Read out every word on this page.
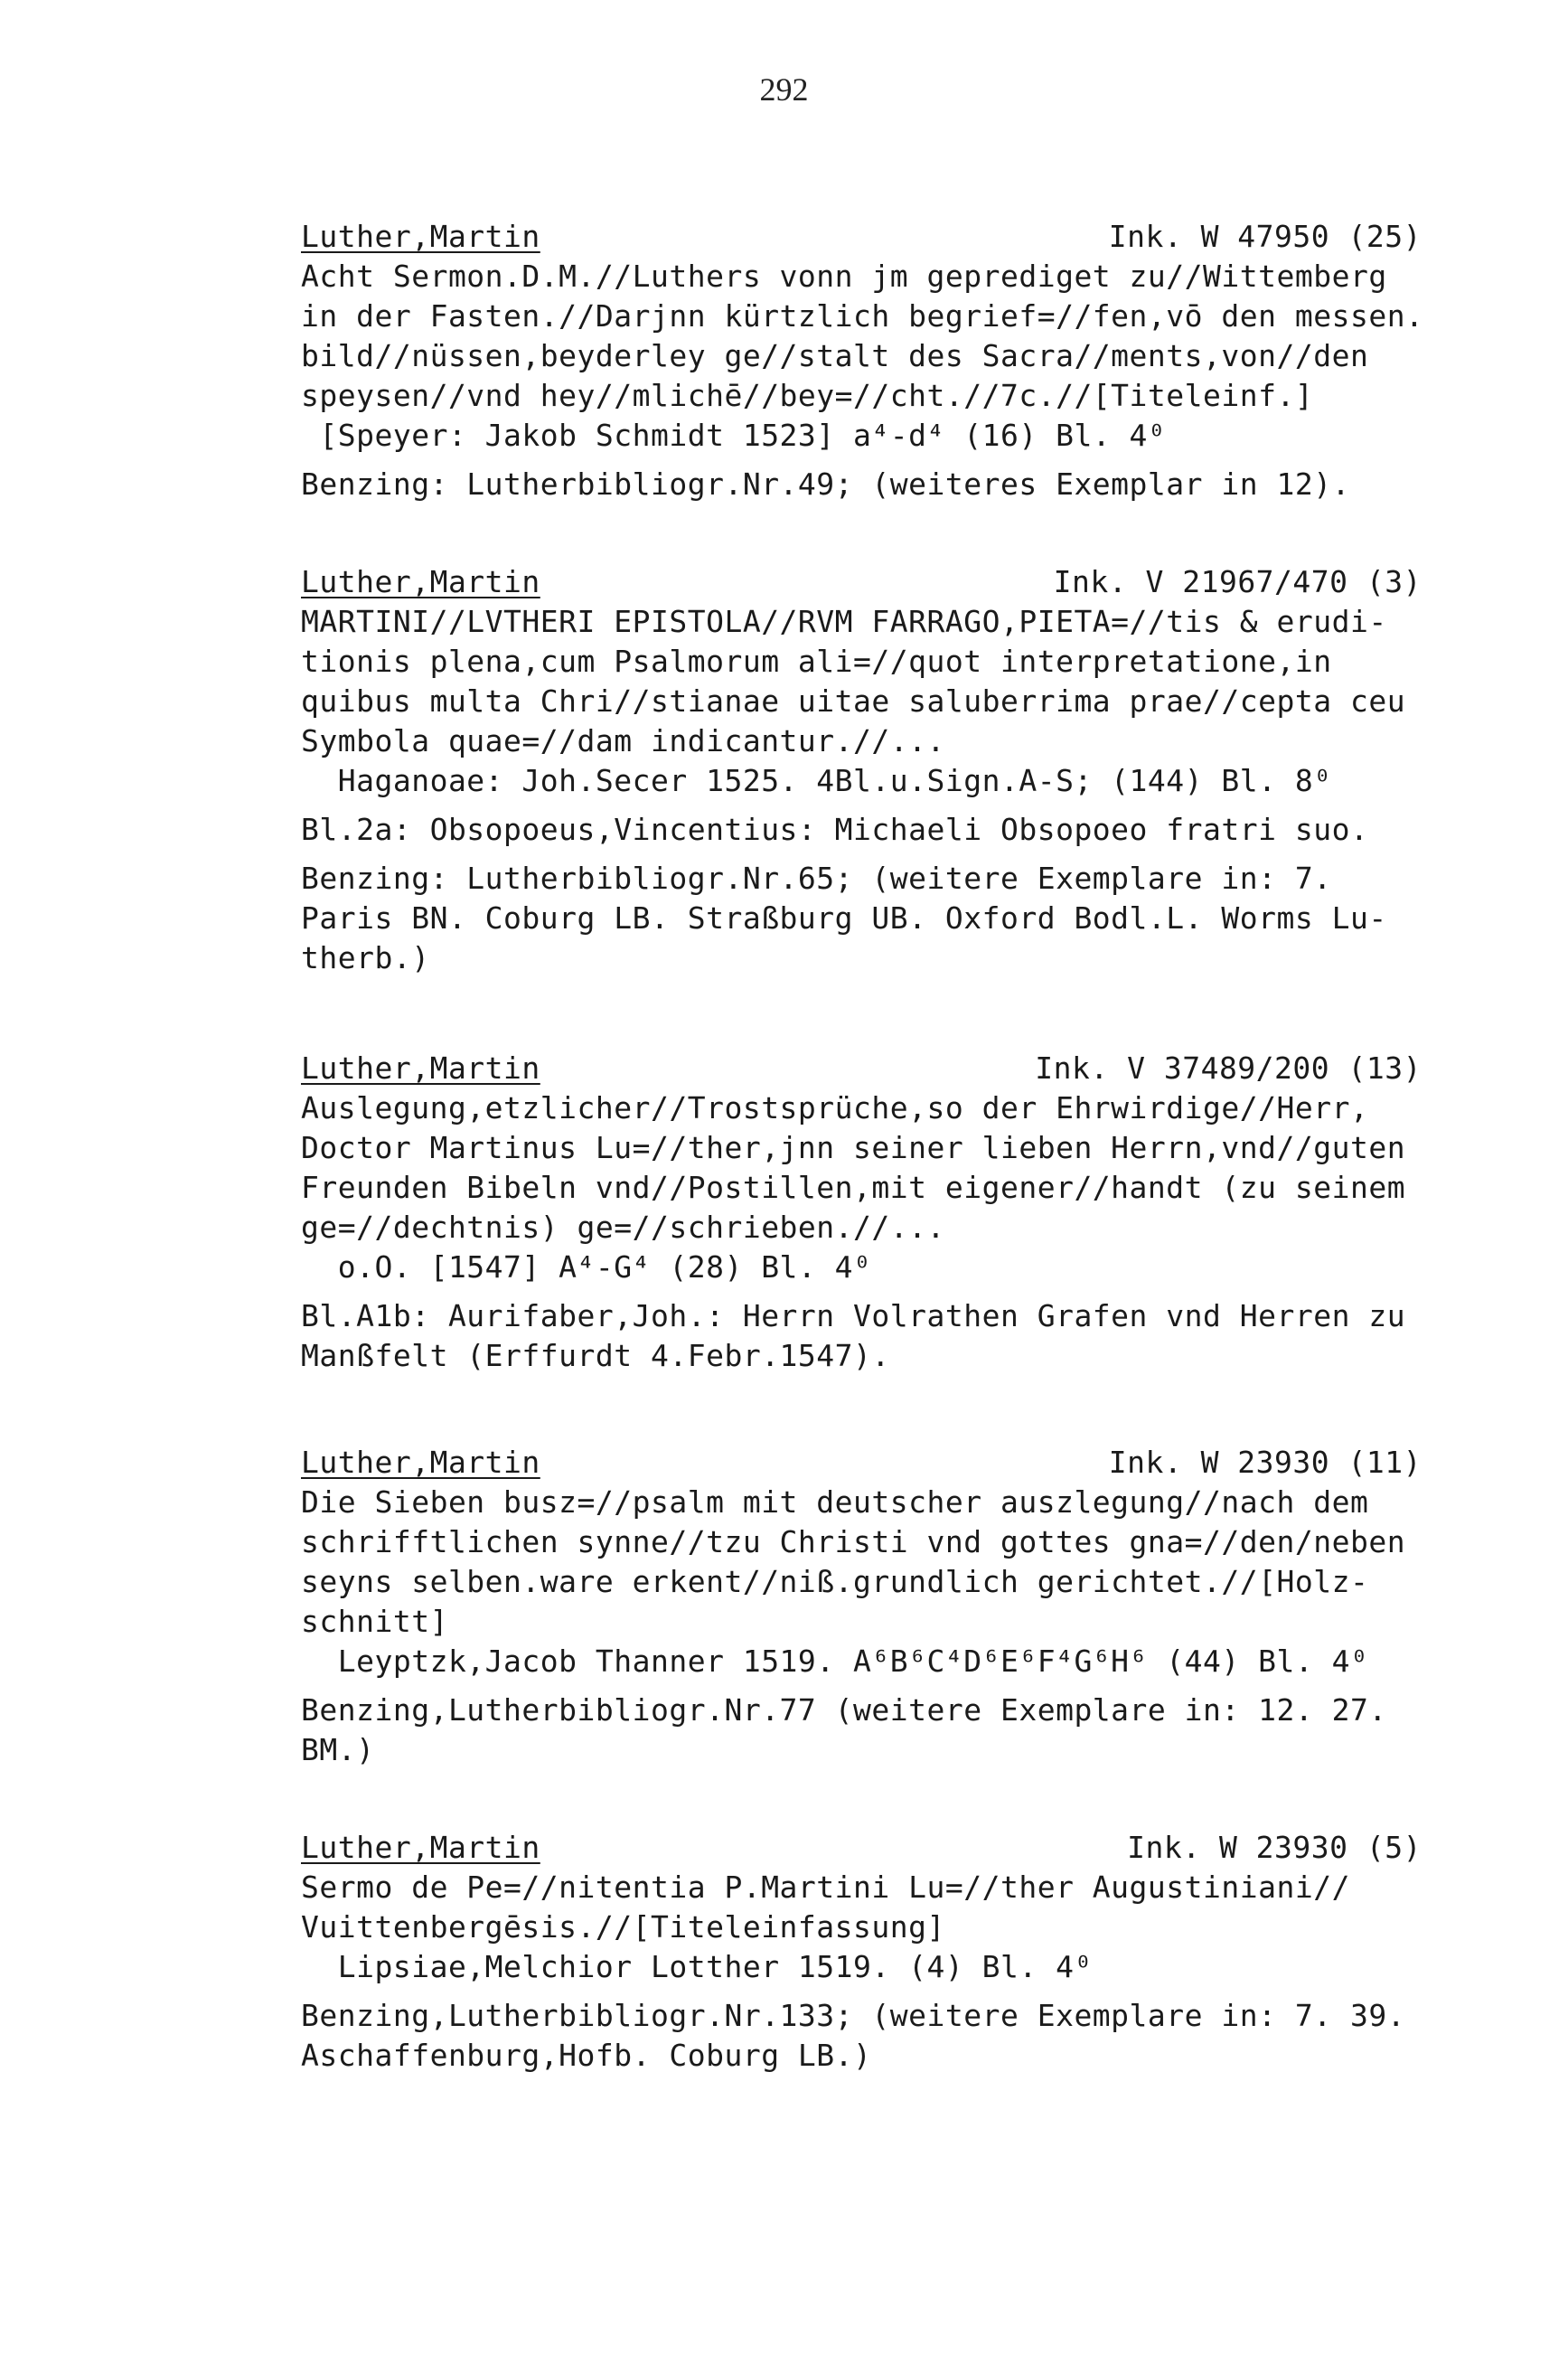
292
Luther,Martin	Ink. W 47950 (25)
Acht Sermon.D.M.//Luthers vonn jm geprediget zu//Wittemberg
in der Fasten.//Darjnn kürtzlich begrief=//fen,vō den messen.
bild//nüssen,beyderley ge//stalt des Sacra//ments,von//den
speysen//vnd hey//mlichē//bey=//cht.//7c.//[Titeleinf.]
[Speyer: Jakob Schmidt 1523] a⁴-d⁴ (16) Bl. 4⁰
Benzing: Lutherbibliogr.Nr.49; (weiteres Exemplar in 12).
Luther,Martin	Ink. V 21967/470 (3)
MARTINI//LVTHERI EPISTOLA//RVM FARRAGO,PIETA=//tis & erudi-
tionis plena,cum Psalmorum ali=//quot interpretatione,in
quibus multa Chri//stianae uitae saluberrima prae//cepta ceu
Symbola quae=//dam indicantur.//...
Haganoae: Joh.Secer 1525. 4Bl.u.Sign.A-S; (144) Bl. 8⁰
Bl.2a: Obsopoeus,Vincentius: Michaeli Obsopoeo fratri suo.
Benzing: Lutherbibliogr.Nr.65; (weitere Exemplare in: 7.
Paris BN. Coburg LB. Straßburg UB. Oxford Bodl.L. Worms Lu-
therb.)
Luther,Martin	Ink. V 37489/200 (13)
Auslegung,etzlicher//Trostsprüche,so der Ehrwirdige//Herr,
Doctor Martinus Lu=//ther,jnn seiner lieben Herrn,vnd//guten
Freunden Bibeln vnd//Postillen,mit eigener//handt (zu seinem
ge=//dechtnis) ge=//schrieben.//...
o.O. [1547] A⁴-G⁴ (28) Bl. 4⁰
Bl.A1b: Aurifaber,Joh.: Herrn Volrathen Grafen vnd Herren zu
Manßfelt (Erffurdt 4.Febr.1547).
Luther,Martin	Ink. W 23930 (11)
Die Sieben busz=//psalm mit deutscher auszlegung//nach dem
schrifftlichen synne//tzu Christi vnd gottes gna=//den/neben
seyns selben.ware erkent//niß.grundlich gerichtet.//[Holz-
schnitt]
Leyptzk,Jacob Thanner 1519. A⁶B⁶C⁴D⁶E⁶F⁴G⁶H⁶ (44) Bl. 4⁰
Benzing,Lutherbibliogr.Nr.77 (weitere Exemplare in: 12. 27.
BM.)
Luther,Martin	Ink. W 23930 (5)
Sermo de Pe=//nitentia P.Martini Lu=//ther Augustiniani//
Vuittenbergēsis.//[Titeleinfassung]
Lipsiae,Melchior Lotther 1519. (4) Bl. 4⁰
Benzing,Lutherbibliogr.Nr.133; (weitere Exemplare in: 7. 39.
Aschaffenburg,Hofb. Coburg LB.)
